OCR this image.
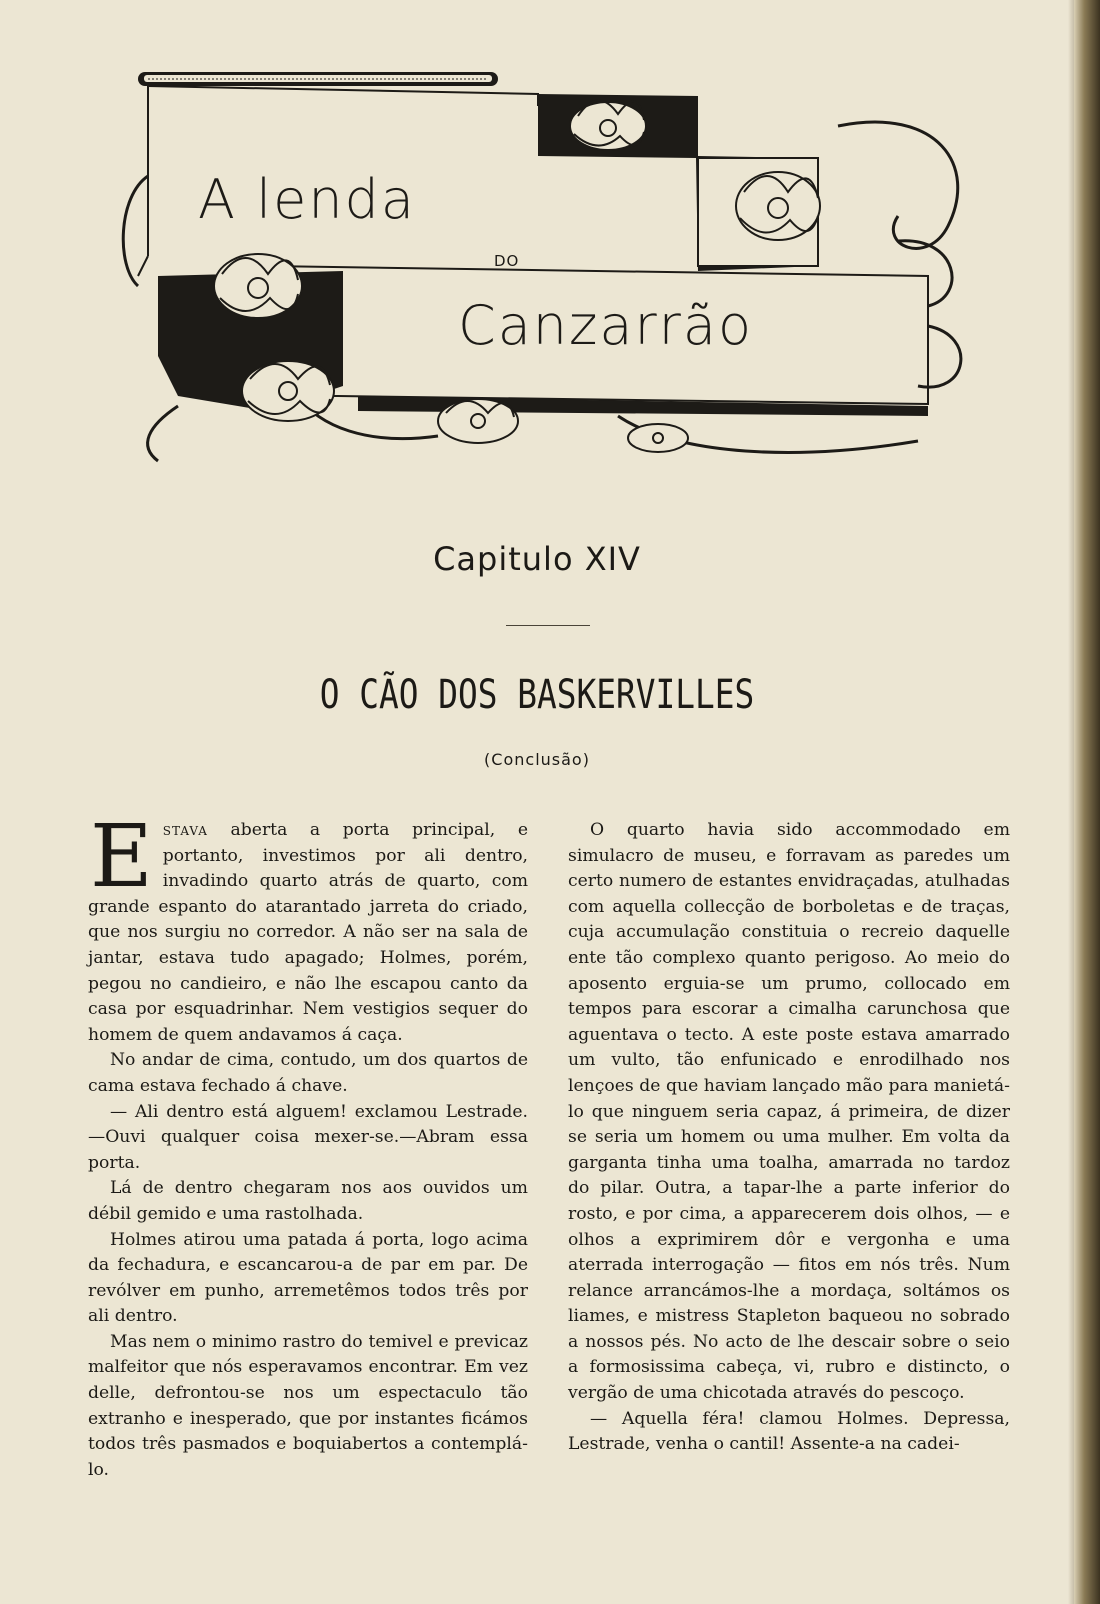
A lenda
DO
Canzarrão
Capitulo XIV
O CÃO DOS BASKERVILLES
(Conclusão)

Estava aberta a porta principal, e portanto, investimos por ali dentro, invadindo quarto atrás de quarto, com grande espanto do atarantado jarreta do criado, que nos surgiu no corredor. A não ser na sala de jantar, estava tudo apagado; Holmes, porém, pegou no candieiro, e não lhe escapou canto da casa por esquadrinhar. Nem vestigios sequer do homem de quem andavamos á caça.

No andar de cima, contudo, um dos quartos de cama estava fechado á chave.

— Ali dentro está alguem! exclamou Lestrade.—Ouvi qualquer coisa mexer-se.—Abram essa porta.

Lá de dentro chegaram nos aos ouvidos um débil gemido e uma rastolhada.

Holmes atirou uma patada á porta, logo acima da fechadura, e escancarou-a de par em par. De revólver em punho, arremetêmos todos três por ali dentro.

Mas nem o minimo rastro do temivel e previcaz malfeitor que nós esperavamos encontrar. Em vez delle, defrontou-se nos um espectaculo tão extranho e inesperado, que por instantes ficámos todos três pasmados e boquiabertos a contemplá-lo.

O quarto havia sido accommodado em simulacro de museu, e forravam as paredes um certo numero de estantes envidraçadas, atulhadas com aquella collecção de borboletas e de traças, cuja accumulação constituia o recreio daquelle ente tão complexo quanto perigoso. Ao meio do aposento erguia-se um prumo, collocado em tempos para escorar a cimalha carunchosa que aguentava o tecto. A este poste estava amarrado um vulto, tão enfunicado e enrodilhado nos lençoes de que haviam lançado mão para manietá-lo que ninguem seria capaz, á primeira, de dizer se seria um homem ou uma mulher. Em volta da garganta tinha uma toalha, amarrada no tardoz do pilar. Outra, a tapar-lhe a parte inferior do rosto, e por cima, a apparecerem dois olhos, — e olhos a exprimirem dôr e vergonha e uma aterrada interrogação — fitos em nós três. Num relance arrancámos-lhe a mordaça, soltámos os liames, e mistress Stapleton baqueou no sobrado a nossos pés. No acto de lhe descair sobre o seio a formosissima cabeça, vi, rubro e distincto, o vergão de uma chicotada através do pescoço.

— Aquella féra! clamou Holmes. Depressa, Lestrade, venha o cantil! Assente-a na cadei-
